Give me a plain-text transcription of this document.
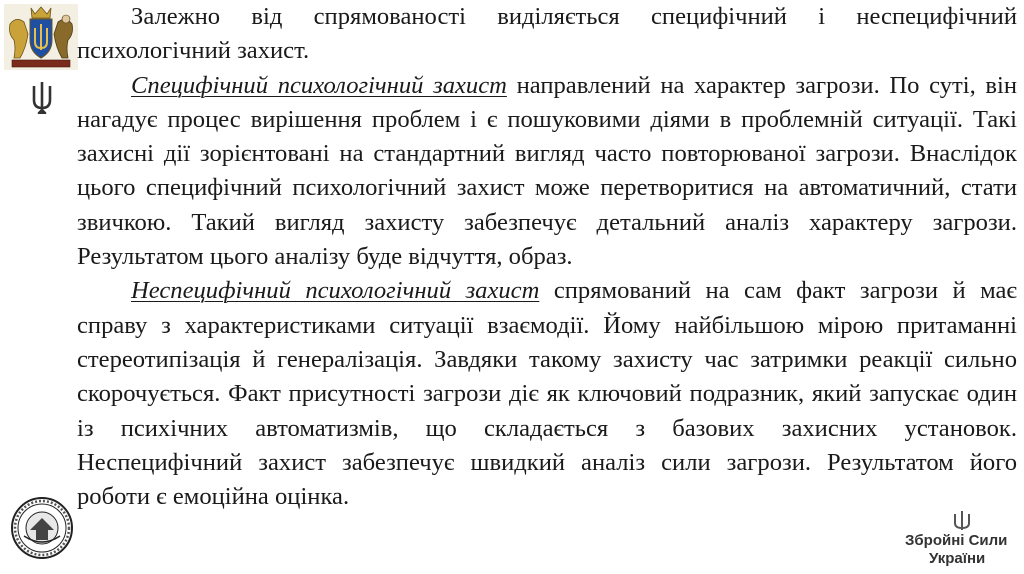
Залежно від спрямованості виділяється специфічний і неспецифічний психологічний захист.

Специфічний психологічний захист направлений на характер загрози. По суті, він нагадує процес вирішення проблем і є пошуковими діями в проблемній ситуації. Такі захисні дії зорієнтовані на стандартний вигляд часто повторюваної загрози. Внаслідок цього специфічний психологічний захист може перетворитися на автоматичний, стати звичкою. Такий вигляд захисту забезпечує детальний аналіз характеру загрози. Результатом цього аналізу буде відчуття, образ.

Неспецифічний психологічний захист спрямований на сам факт загрози й має справу з характеристиками ситуації взаємодії. Йому найбільшою мірою притаманні стереотипізація й генералізація. Завдяки такому захисту час затримки реакції сильно скорочується. Факт присутності загрози діє як ключовий подразник, який запускає один із психічних автоматизмів, що складається з базових захисних установок. Неспецифічний захист забезпечує швидкий аналіз сили загрози. Результатом його роботи є емоційна оцінка.

Збройні Сили
України
